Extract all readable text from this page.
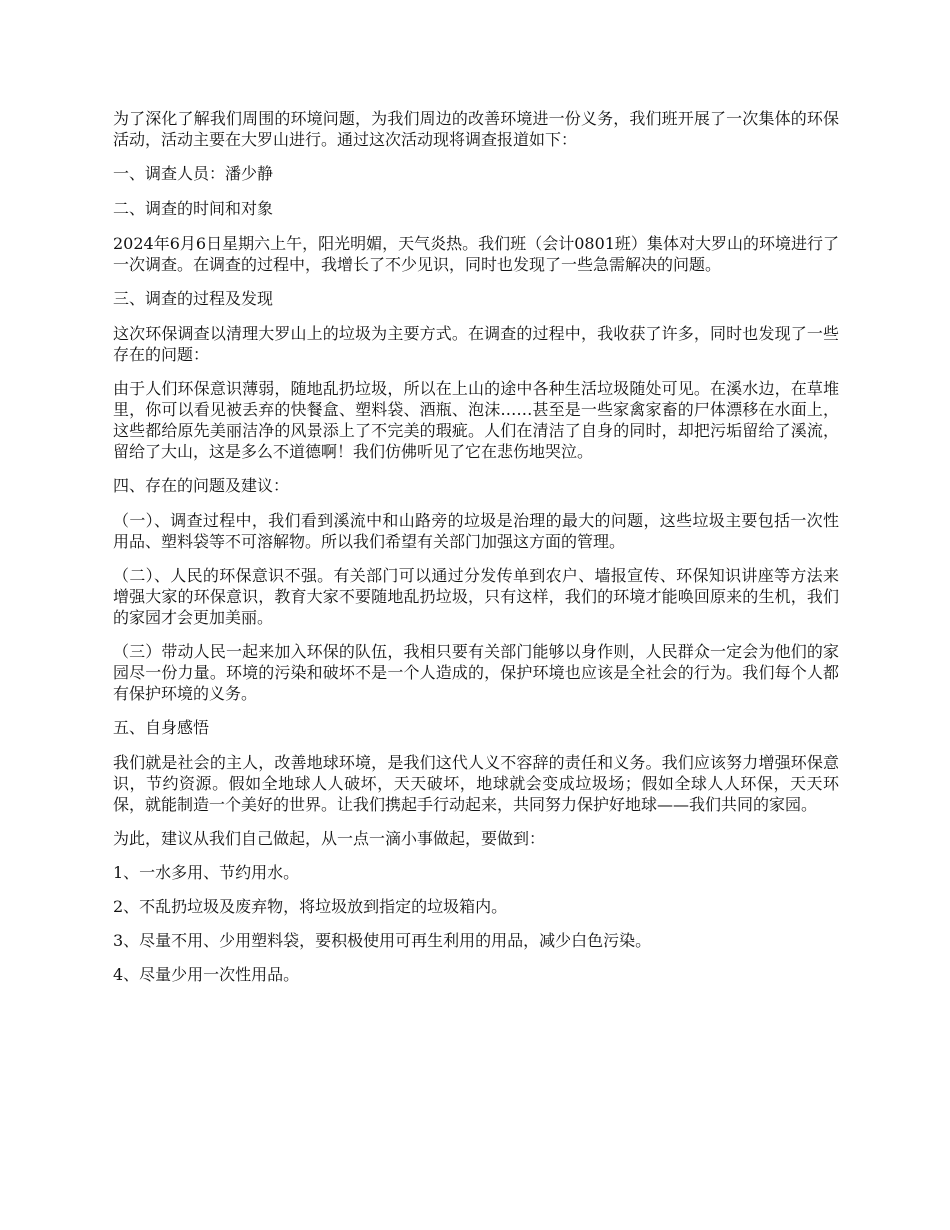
为了深化了解我们周围的环境问题，为我们周边的改善环境进一份义务，我们班开展了一次集体的环保活动，活动主要在大罗山进行。通过这次活动现将调查报道如下：

一、调查人员：潘少静

二、调查的时间和对象

2024年6月6日星期六上午，阳光明媚，天气炎热。我们班（会计0801班）集体对大罗山的环境进行了一次调查。在调查的过程中，我增长了不少见识，同时也发现了一些急需解决的问题。

三、调查的过程及发现

这次环保调查以清理大罗山上的垃圾为主要方式。在调查的过程中，我收获了许多，同时也发现了一些存在的问题：

由于人们环保意识薄弱，随地乱扔垃圾，所以在上山的途中各种生活垃圾随处可见。在溪水边，在草堆里，你可以看见被丢弃的快餐盒、塑料袋、酒瓶、泡沫……甚至是一些家禽家畜的尸体漂移在水面上，这些都给原先美丽洁净的风景添上了不完美的瑕疵。人们在清洁了自身的同时，却把污垢留给了溪流，留给了大山，这是多么不道德啊！我们仿佛听见了它在悲伤地哭泣。

四、存在的问题及建议：

（一）、调查过程中，我们看到溪流中和山路旁的垃圾是治理的最大的问题，这些垃圾主要包括一次性用品、塑料袋等不可溶解物。所以我们希望有关部门加强这方面的管理。

（二）、人民的环保意识不强。有关部门可以通过分发传单到农户、墙报宣传、环保知识讲座等方法来增强大家的环保意识，教育大家不要随地乱扔垃圾，只有这样，我们的环境才能唤回原来的生机，我们的家园才会更加美丽。

（三）带动人民一起来加入环保的队伍，我相只要有关部门能够以身作则，人民群众一定会为他们的家园尽一份力量。环境的污染和破坏不是一个人造成的，保护环境也应该是全社会的行为。我们每个人都有保护环境的义务。

五、自身感悟

我们就是社会的主人，改善地球环境，是我们这代人义不容辞的责任和义务。我们应该努力增强环保意识，节约资源。假如全地球人人破坏，天天破坏，地球就会变成垃圾场；假如全球人人环保，天天环保，就能制造一个美好的世界。让我们携起手行动起来，共同努力保护好地球——我们共同的家园。

为此，建议从我们自己做起，从一点一滴小事做起，要做到：

1、一水多用、节约用水。

2、不乱扔垃圾及废弃物，将垃圾放到指定的垃圾箱内。

3、尽量不用、少用塑料袋，要积极使用可再生利用的用品，减少白色污染。

4、尽量少用一次性用品。
